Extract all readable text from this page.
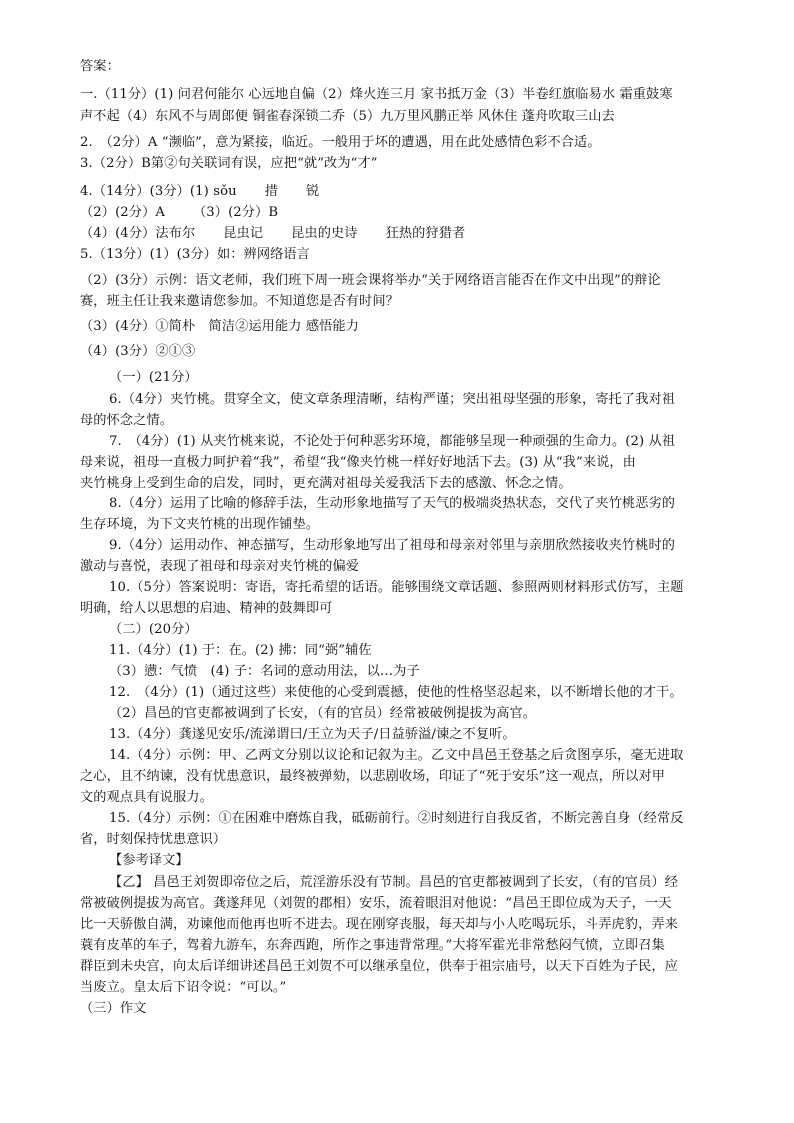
答案：
一.（11分）(1) 问君何能尔 心远地自偏（2）烽火连三月 家书抵万金（3）半卷红旗临易水 霜重鼓寒
声不起（4）东风不与周郎便 铜雀春深锁二乔（5）九万里风鹏正举 风休住 蓬舟吹取三山去
2.　（2分）A “濒临”，意为紧接，临近。一般用于坏的遭遇，用在此处感情色彩不合适。
3.（2分）B第②句关联词有误，应把“就”改为“才”
4.（14分）(3分）(1) sǒu 措 锐
（2）(2分）A （3）(2分）B
（4）(4分）法布尔 昆虫记 昆虫的史诗 狂热的狩猎者
5.（13分）(1）(3分）如：辨网络语言
（2）(3分）示例：语文老师，我们班下周一班会课将举办“关于网络语言能否在作文中出现”的辩论
赛，班主任让我来邀请您参加。不知道您是否有时间？
（3）(4分）①简朴　简洁②运用能力 感悟能力
（4）(3分）②①③
（一）(21分）
6.（4分）夹竹桃。贯穿全文，使文章条理清晰，结构严谨；突出祖母坚强的形象，寄托了我对祖
母的怀念之情。
7.　（4分）(1) 从夹竹桃来说，不论处于何种恶劣环境，都能够呈现一种顽强的生命力。(2) 从祖
母来说，祖母一直极力呵护着“我”，希望“我“像夹竹桃一样好好地活下去。(3) 从“我”来说，由
夹竹桃身上受到生命的启发，同时，更充满对祖母关爱我活下去的感激、怀念之情。
8.（4分）运用了比喻的修辞手法，生动形象地描写了天气的极端炎热状态，交代了夹竹桃恶劣的
生存环境，为下文夹竹桃的出现作铺垫。
9.（4分）运用动作、神态描写，生动形象地写出了祖母和母亲对邻里与亲朋欣然接收夹竹桃时的
激动与喜悦，表现了祖母和母亲对夹竹桃的偏爱
10.（5分）答案说明：寄语，寄托希望的话语。能够围绕文章话题、参照两则材料形式仿写，主题
明确，给人以思想的启迪、精神的鼓舞即可
（二）(20分）
11.（4分）(1) 于：在。(2) 拂：同“弼”辅佐
（3）懑：气愤　(4) 子：名词的意动用法，以…为子
12.　（4分）(1)（通过这些）来使他的心受到震撼，使他的性格坚忍起来，以不断增长他的才干。
（2）昌邑的官吏都被调到了长安，（有的官员）经常被破例提拔为高官。
13.（4分）龚遂见安乐/流涕谓曰/王立为天子/日益骄溢/谏之不复听。
14.（4分）示例：甲、乙两文分别以议论和记叙为主。乙文中昌邑王登基之后贪图享乐，毫无进取
之心，且不纳谏，没有忧患意识，最终被弹劾，以悲剧收场，印证了“死于安乐”这一观点，所以对甲
文的观点具有说服力。
15.（4分）示例：①在困难中磨炼自我，砥砺前行。②时刻进行自我反省，不断完善自身（经常反
省，时刻保持忧患意识）
【参考译文】
【乙】 昌邑王刘贺即帝位之后，荒淫游乐没有节制。昌邑的官吏都被调到了长安，（有的官员）经
常被破例提拔为高官。龚遂拜见（刘贺的郡相）安乐，流着眼泪对他说：“昌邑王即位成为天子，一天
比一天骄傲自满，劝谏他而他再也听不进去。现在刚穿丧服，每天却与小人吃喝玩乐，斗弄虎豹，弄来
蓑有皮革的车子，驾着九游车，东奔西跑，所作之事违背常理。”大将军霍光非常愁闷气愤，立即召集
群臣到未央宫，向太后详细讲述昌邑王刘贺不可以继承皇位，供奉于祖宗庙号，以天下百姓为子民，应
当废立。皇太后下诏令说：“可以。”
（三）作文
